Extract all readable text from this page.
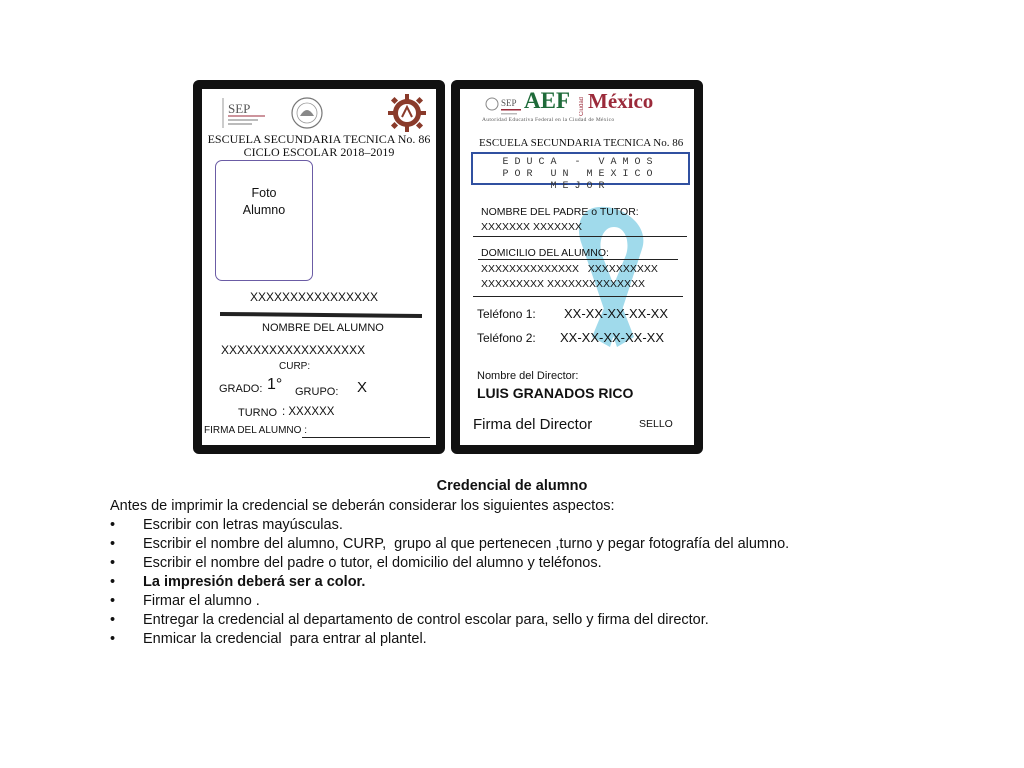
SEP
ESCUELA SECUNDARIA TECNICA No. 86
CICLO ESCOLAR 2018–2019
Foto
Alumno
XXXXXXXXXXXXXXXX
NOMBRE DEL ALUMNO
XXXXXXXXXXXXXXXXXX
CURP:
GRADO: 1° GRUPO: X
TURNO : XXXXXX
FIRMA DEL ALUMNO :
SEP AEF Ciudad México
Autoridad Educativa Federal en la Ciudad de México
ESCUELA SECUNDARIA TECNICA No. 86
EDUCA - VAMOS
POR UN MEXICO MEJOR
NOMBRE DEL PADRE o TUTOR:
XXXXXXX XXXXXXX
DOMICILIO DEL ALUMNO:
XXXXXXXXXXXXXX   XXXXXXXXXX
XXXXXXXXX XXXXXXXXXXXXXX
Teléfono 1: XX-XX-XX-XX-XX
Teléfono 2: XX-XX-XX-XX-XX
Nombre del Director:
LUIS GRANADOS RICO
Firma del Director	SELLO
Credencial de alumno
Antes de imprimir la credencial se deberán considerar los siguientes aspectos:
• Escribir con letras mayúsculas.
• Escribir el nombre del alumno, CURP,  grupo al que pertenecen ,turno y pegar fotografía del alumno.
• Escribir el nombre del padre o tutor, el domicilio del alumno y teléfonos.
• La impresión deberá ser a color.
• Firmar el alumno .
• Entregar la credencial al departamento de control escolar para, sello y firma del director.
• Enmicar la credencial  para entrar al plantel.
